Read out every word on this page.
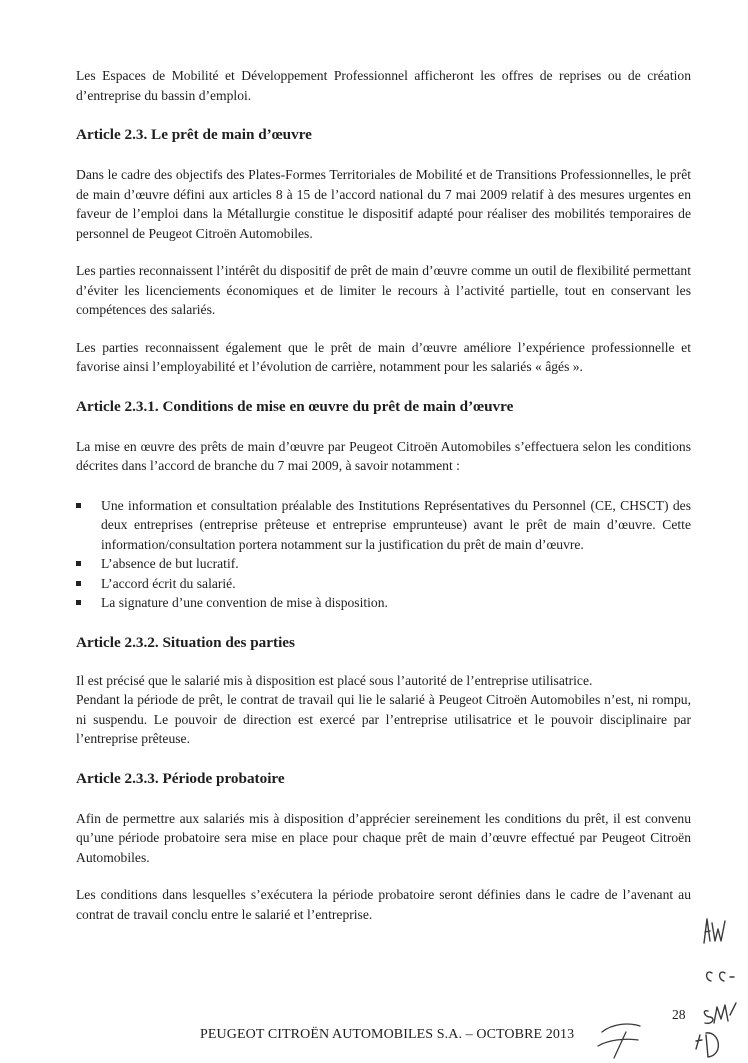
Les Espaces de Mobilité et Développement Professionnel afficheront les offres de reprises ou de création d’entreprise du bassin d’emploi.

Article 2.3. Le prêt de main d’œuvre

Dans le cadre des objectifs des Plates-Formes Territoriales de Mobilité et de Transitions Professionnelles, le prêt de main d’œuvre défini aux articles 8 à 15 de l’accord national du 7 mai 2009 relatif à des mesures urgentes en faveur de l’emploi dans la Métallurgie constitue le dispositif adapté pour réaliser des mobilités temporaires de personnel de Peugeot Citroën Automobiles.

Les parties reconnaissent l’intérêt du dispositif de prêt de main d’œuvre comme un outil de flexibilité permettant d’éviter les licenciements économiques et de limiter le recours à l’activité partielle, tout en conservant les compétences des salariés.

Les parties reconnaissent également que le prêt de main d’œuvre améliore l’expérience professionnelle et favorise ainsi l’employabilité et l’évolution de carrière, notamment pour les salariés « âgés ».

Article 2.3.1. Conditions de mise en œuvre du prêt de main d’œuvre

La mise en œuvre des prêts de main d’œuvre par Peugeot Citroën Automobiles s’effectuera selon les conditions décrites dans l’accord de branche du 7 mai 2009, à savoir notamment :

Une information et consultation préalable des Institutions Représentatives du Personnel (CE, CHSCT) des deux entreprises (entreprise prêteuse et entreprise emprunteuse) avant le prêt de main d’œuvre. Cette information/consultation portera notamment sur la justification du prêt de main d’œuvre.
L’absence de but lucratif.
L’accord écrit du salarié.
La signature d’une convention de mise à disposition.
Article 2.3.2. Situation des parties

Il est précisé que le salarié mis à disposition est placé sous l’autorité de l’entreprise utilisatrice.

Pendant la période de prêt, le contrat de travail qui lie le salarié à Peugeot Citroën Automobiles n’est, ni rompu, ni suspendu. Le pouvoir de direction est exercé par l’entreprise utilisatrice et le pouvoir disciplinaire par l’entreprise prêteuse.

Article 2.3.3. Période probatoire

Afin de permettre aux salariés mis à disposition d’apprécier sereinement les conditions du prêt, il est convenu qu’une période probatoire sera mise en place pour chaque prêt de main d’œuvre effectué par Peugeot Citroën Automobiles.

Les conditions dans lesquelles s’exécutera la période probatoire seront définies dans le cadre de l’avenant au contrat de travail conclu entre le salarié et l’entreprise.

28
PEUGEOT CITROËN AUTOMOBILES S.A. – OCTOBRE 2013
